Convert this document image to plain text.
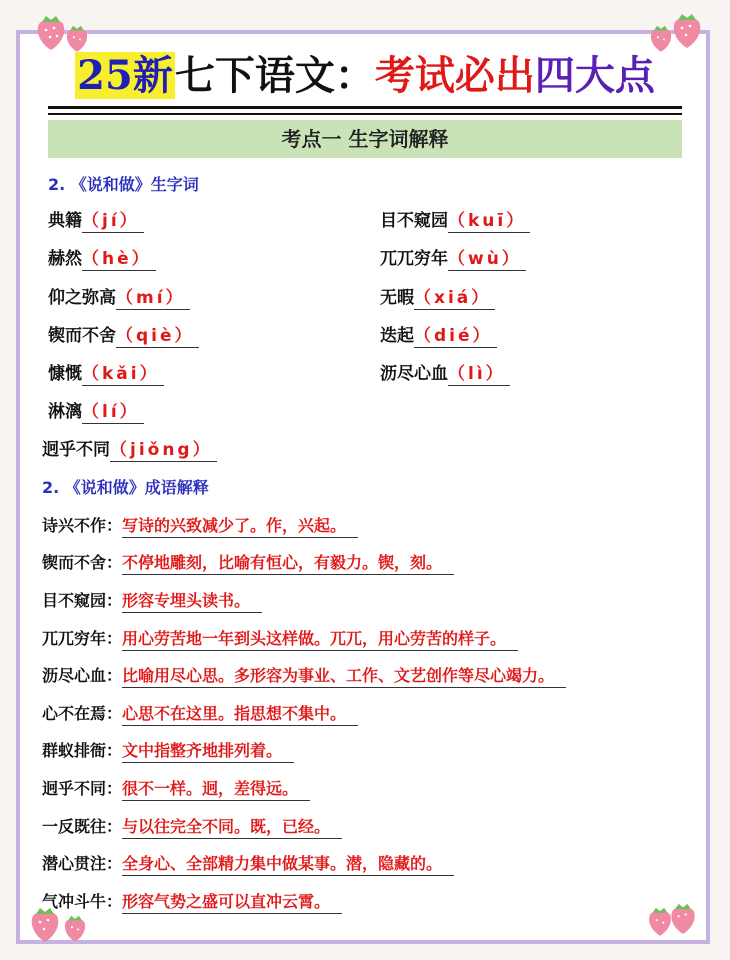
25新七下语文：考试必出四大点
考点一 生字词解释
2. 《说和做》生字词
典籍（jí）
赫然（hè）
仰之弥高（mí）
锲而不舍（qiè）
慷慨（kǎi）
淋漓（lí）
迥乎不同（jiǒng）
目不窥园（kuī）
兀兀穷年（wù）
无暇（xiá）
迭起（dié）
沥尽心血（lì）
2. 《说和做》成语解释
诗兴不作：写诗的兴致减少了。作，兴起。
锲而不舍：不停地雕刻，比喻有恒心，有毅力。锲，刻。
目不窥园：形容专埋头读书。
兀兀穷年：用心劳苦地一年到头这样做。兀兀，用心劳苦的样子。
沥尽心血：比喻用尽心思。多形容为事业、工作、文艺创作等尽心竭力。
心不在焉：心思不在这里。指思想不集中。
群蚁排衙：文中指整齐地排列着。
迥乎不同：很不一样。迥，差得远。
一反既往：与以往完全不同。既，已经。
潜心贯注：全身心、全部精力集中做某事。潜，隐藏的。
气冲斗牛：形容气势之盛可以直冲云霄。
